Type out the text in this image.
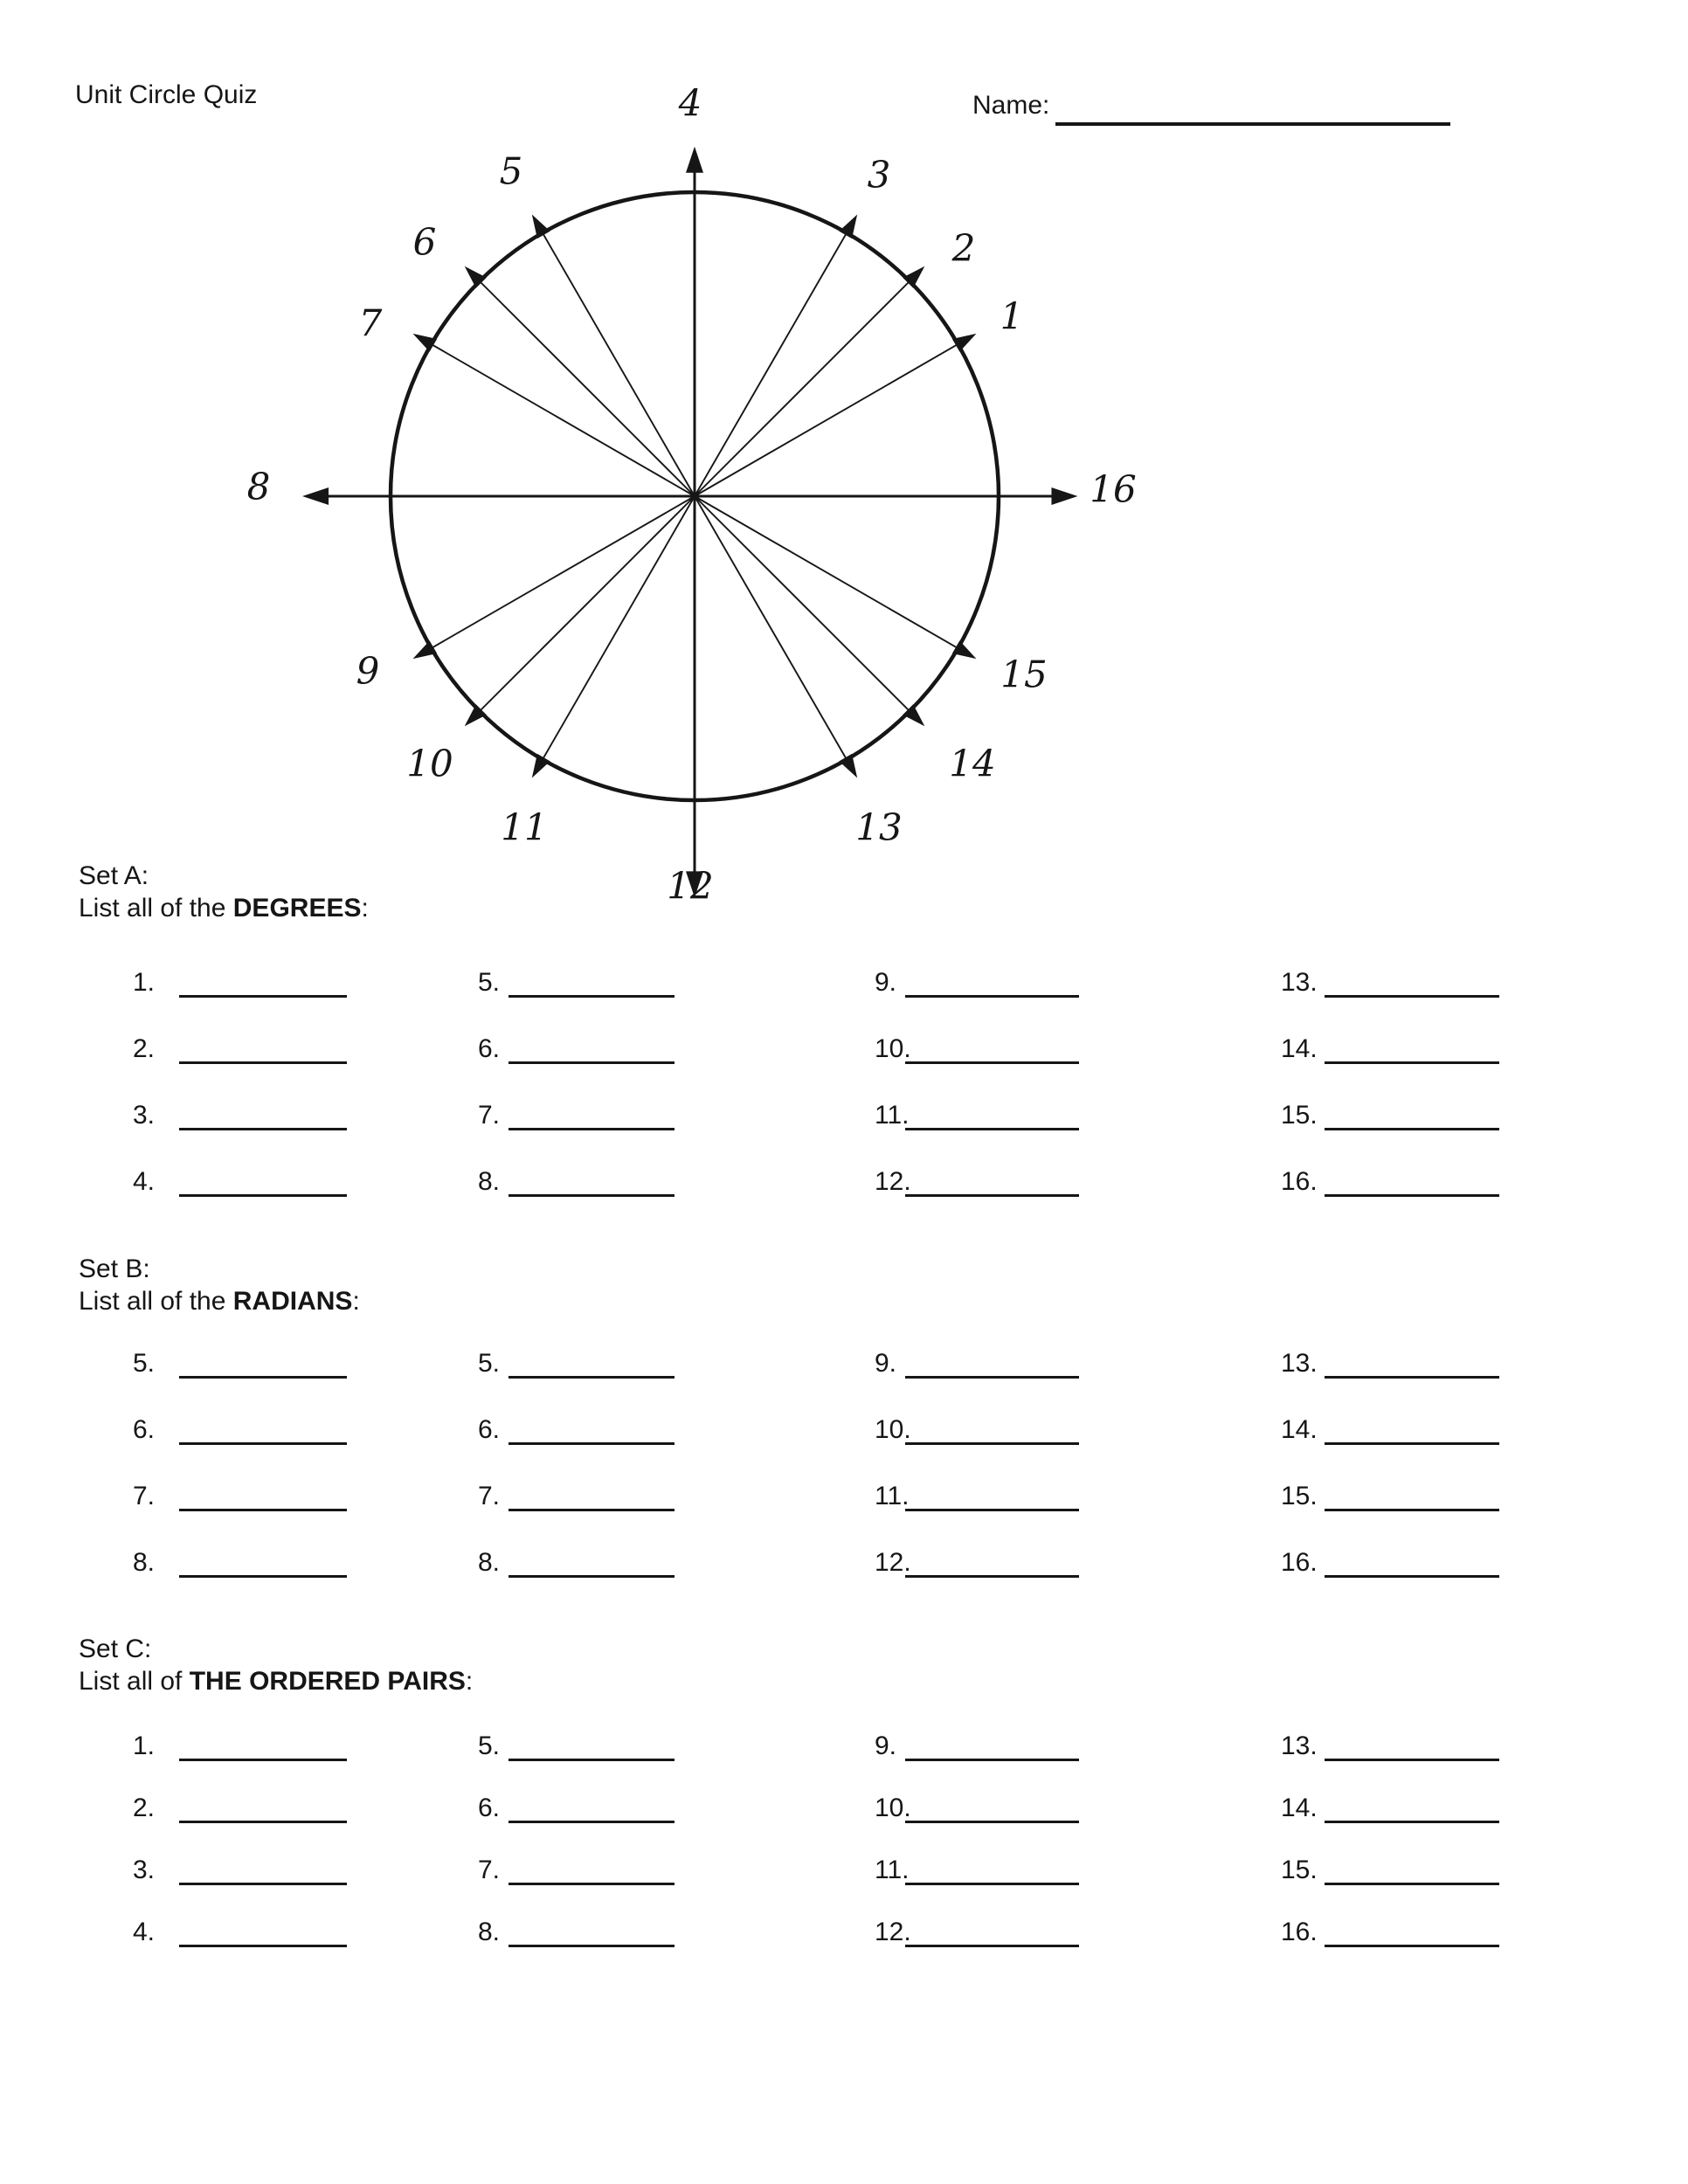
Unit Circle Quiz	Name:
1
2
3
4
5
6
7
8
9
10
11
12
13
14
15
16
Set A:
List all of the DEGREES:
1.
2.
3.
4.
5.
6.
7.
8.
9.
10.
11.
12.
13.
14.
15.
16.
Set B:
List all of the RADIANS:
5.
6.
7.
8.
5.
6.
7.
8.
9.
10.
11.
12.
13.
14.
15.
16.
Set C:
List all of THE ORDERED PAIRS:
1.
2.
3.
4.
5.
6.
7.
8.
9.
10.
11.
12.
13.
14.
15.
16.
